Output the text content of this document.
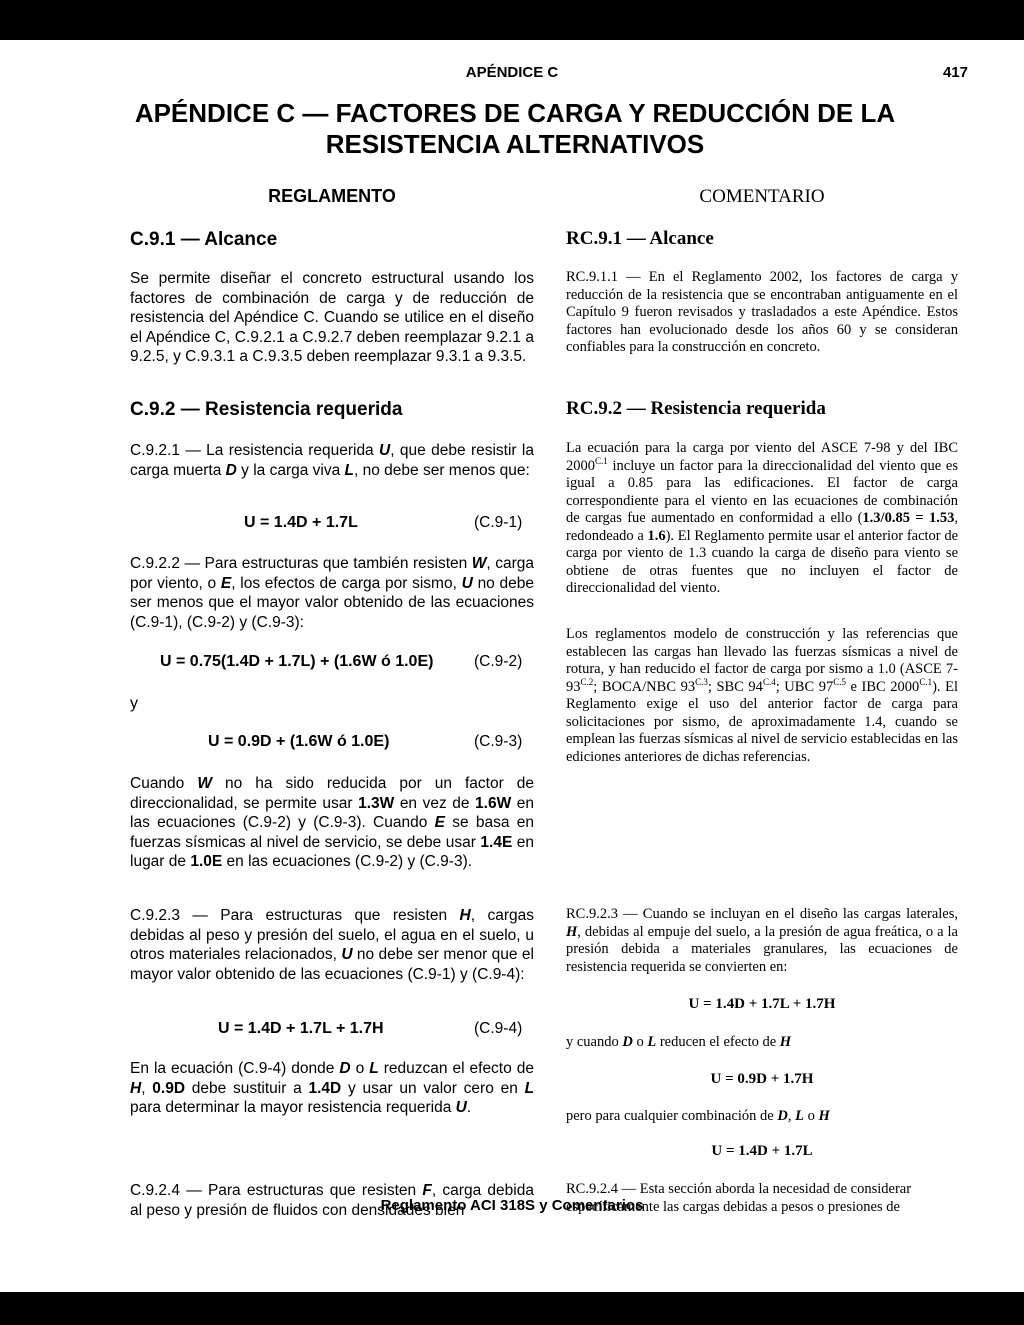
APÉNDICE C	417
APÉNDICE C — FACTORES DE CARGA Y REDUCCIÓN DE LA
RESISTENCIA ALTERNATIVOS
REGLAMENTO	COMENTARIO
C.9.1 — Alcance
Se permite diseñar el concreto estructural usando los factores de combinación de carga y de reducción de resistencia del Apéndice C. Cuando se utilice en el diseño el Apéndice C, C.9.2.1 a C.9.2.7 deben reemplazar 9.2.1 a 9.2.5, y C.9.3.1 a C.9.3.5 deben reemplazar 9.3.1 a 9.3.5.
C.9.2 — Resistencia requerida
C.9.2.1 — La resistencia requerida U, que debe resistir la carga muerta D y la carga viva L, no debe ser menos que:
U = 1.4D + 1.7L	(C.9-1)
C.9.2.2 — Para estructuras que también resisten W, carga por viento, o E, los efectos de carga por sismo, U no debe ser menos que el mayor valor obtenido de las ecuaciones (C.9-1), (C.9-2) y (C.9-3):
U = 0.75(1.4D + 1.7L) + (1.6W ó 1.0E)	(C.9-2)
y
U = 0.9D + (1.6W ó 1.0E)	(C.9-3)
Cuando W no ha sido reducida por un factor de direccionalidad, se permite usar 1.3W en vez de 1.6W en las ecuaciones (C.9-2) y (C.9-3). Cuando E se basa en fuerzas sísmicas al nivel de servicio, se debe usar 1.4E en lugar de 1.0E en las ecuaciones (C.9-2) y (C.9-3).
C.9.2.3 — Para estructuras que resisten H, cargas debidas al peso y presión del suelo, el agua en el suelo, u otros materiales relacionados, U no debe ser menor que el mayor valor obtenido de las ecuaciones (C.9-1) y (C.9-4):
U = 1.4D + 1.7L + 1.7H	(C.9-4)
En la ecuación (C.9-4) donde D o L reduzcan el efecto de H, 0.9D debe sustituir a 1.4D y usar un valor cero en L para determinar la mayor resistencia requerida U.
C.9.2.4 — Para estructuras que resisten F, carga debida al peso y presión de fluidos con densidades bien
RC.9.1 — Alcance
RC.9.1.1 — En el Reglamento 2002, los factores de carga y reducción de la resistencia que se encontraban antiguamente en el Capítulo 9 fueron revisados y trasladados a este Apéndice. Estos factores han evolucionado desde los años 60 y se consideran confiables para la construcción en concreto.
RC.9.2 — Resistencia requerida
La ecuación para la carga por viento del ASCE 7-98 y del IBC $2000^{C.1}$ incluye un factor para la direccionalidad del viento que es igual a 0.85 para las edificaciones. El factor de carga correspondiente para el viento en las ecuaciones de combinación de cargas fue aumentado en conformidad a ello (1.3/0.85 = 1.53, redondeado a 1.6). El Reglamento permite usar el anterior factor de carga por viento de 1.3 cuando la carga de diseño para viento se obtiene de otras fuentes que no incluyen el factor de direccionalidad del viento.
Los reglamentos modelo de construcción y las referencias que establecen las cargas han llevado las fuerzas sísmicas a nivel de rotura, y han reducido el factor de carga por sismo a 1.0 (ASCE $7-93^{C.2}$; BOCA/NBC $93^{C.3}$; SBC $94^{C.4}$; UBC $97^{C.5}$ e IBC $2000^{C.1}$). El Reglamento exige el uso del anterior factor de carga para solicitaciones por sismo, de aproximadamente 1.4, cuando se emplean las fuerzas sísmicas al nivel de servicio establecidas en las ediciones anteriores de dichas referencias.
RC.9.2.3 — Cuando se incluyan en el diseño las cargas laterales, H, debidas al empuje del suelo, a la presión de agua freática, o a la presión debida a materiales granulares, las ecuaciones de resistencia requerida se convierten en:
U = 1.4D + 1.7L + 1.7H
y cuando D o L reducen el efecto de H
U = 0.9D + 1.7H
pero para cualquier combinación de D, L o H
U = 1.4D + 1.7L
RC.9.2.4 — Esta sección aborda la necesidad de considerar
específicamente las cargas debidas a pesos o presiones de
Reglamento ACI 318S y Comentarios
